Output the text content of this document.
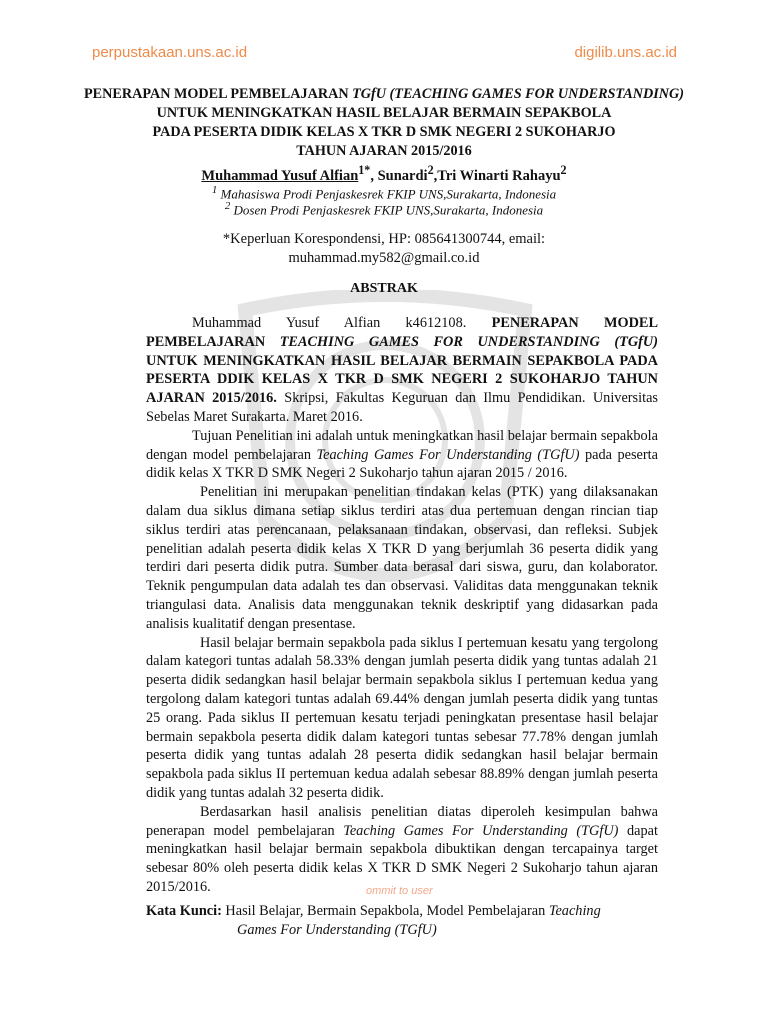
perpustakaan.uns.ac.id	digilib.uns.ac.id
PENERAPAN MODEL PEMBELAJARAN TGfU (TEACHING GAMES FOR UNDERSTANDING)
UNTUK MENINGKATKAN HASIL BELAJAR BERMAIN SEPAKBOLA
PADA PESERTA DIDIK KELAS X TKR D SMK NEGERI 2 SUKOHARJO
TAHUN AJARAN 2015/2016
Muhammad Yusuf Alfian$^{1*}$, Sunardi$^2$,Tri Winarti Rahayu$^2$
$^1$ Mahasiswa Prodi Penjaskesrek FKIP UNS,Surakarta, Indonesia
$^2$ Dosen Prodi Penjaskesrek FKIP UNS,Surakarta, Indonesia
*Keperluan Korespondensi, HP: 085641300744, email:
muhammad.my582@gmail.co.id
ABSTRAK

Muhammad Yusuf Alfian k4612108. PENERAPAN MODEL PEMBELAJARAN TEACHING GAMES FOR UNDERSTANDING (TGfU) UNTUK MENINGKATKAN HASIL BELAJAR BERMAIN SEPAKBOLA PADA PESERTA DDIK KELAS X TKR D SMK NEGERI 2 SUKOHARJO TAHUN AJARAN 2015/2016. Skripsi, Fakultas Keguruan dan Ilmu Pendidikan. Universitas Sebelas Maret Surakarta. Maret 2016.

Tujuan Penelitian ini adalah untuk meningkatkan hasil belajar bermain sepakbola dengan model pembelajaran Teaching Games For Understanding (TGfU) pada peserta didik kelas X TKR D SMK Negeri 2 Sukoharjo tahun ajaran 2015 / 2016.

Penelitian ini merupakan penelitian tindakan kelas (PTK) yang dilaksanakan dalam dua siklus dimana setiap siklus terdiri atas dua pertemuan dengan rincian tiap siklus terdiri atas perencanaan, pelaksanaan tindakan, observasi, dan refleksi. Subjek penelitian adalah peserta didik kelas X TKR D yang berjumlah 36 peserta didik yang terdiri dari peserta didik putra. Sumber data berasal dari siswa, guru, dan kolaborator. Teknik pengumpulan data adalah tes dan observasi. Validitas data menggunakan teknik triangulasi data. Analisis data menggunakan teknik deskriptif yang didasarkan pada analisis kualitatif dengan presentase.

Hasil belajar bermain sepakbola pada siklus I pertemuan kesatu yang tergolong dalam kategori tuntas adalah 58.33% dengan jumlah peserta didik yang tuntas adalah 21 peserta didik sedangkan hasil belajar bermain sepakbola siklus I pertemuan kedua yang tergolong dalam kategori tuntas adalah 69.44% dengan jumlah peserta didik yang tuntas 25 orang. Pada siklus II pertemuan kesatu terjadi peningkatan presentase hasil belajar bermain sepakbola peserta didik dalam kategori tuntas sebesar 77.78% dengan jumlah peserta didik yang tuntas adalah 28 peserta didik sedangkan hasil belajar bermain sepakbola pada siklus II pertemuan kedua adalah sebesar 88.89% dengan jumlah peserta didik yang tuntas adalah 32 peserta didik.

Berdasarkan hasil analisis penelitian diatas diperoleh kesimpulan bahwa penerapan model pembelajaran Teaching Games For Understanding (TGfU) dapat meningkatkan hasil belajar bermain sepakbola dibuktikan dengan tercapainya target sebesar 80% oleh peserta didik kelas X TKR D SMK Negeri 2 Sukoharjo tahun ajaran 2015/2016.	ommit to user
Kata Kunci: Hasil Belajar, Bermain Sepakbola, Model Pembelajaran Teaching
Games For Understanding (TGfU)
